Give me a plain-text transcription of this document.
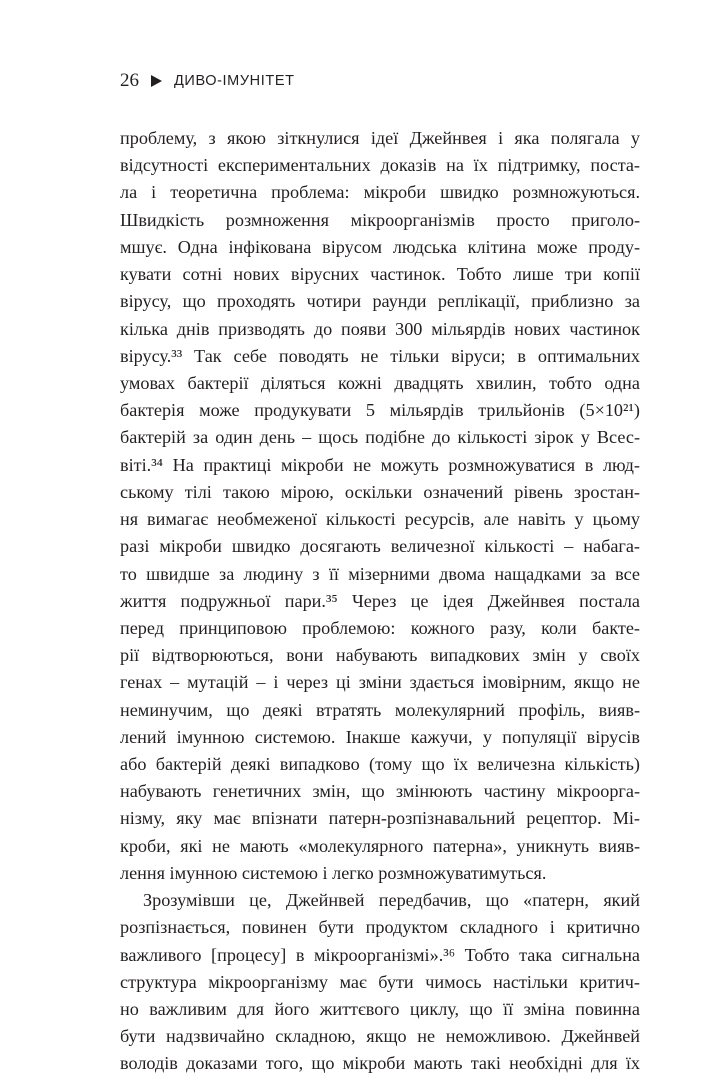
26 ДИВО-ІМУНІТЕТ
проблему, з якою зіткнулися ідеї Джейнвея і яка полягала у
відсутності експериментальних доказів на їх підтримку, поста-
ла і теоретична проблема: мікроби швидко розмножуються.
Швидкість розмноження мікроорганізмів просто приголо-
мшує. Одна інфікована вірусом людська клітина може проду-
кувати сотні нових вірусних частинок. Тобто лише три копії
вірусу, що проходять чотири раунди реплікації, приблизно за
кілька днів призводять до появи 300 мільярдів нових частинок
вірусу.³³ Так себе поводять не тільки віруси; в оптимальних
умовах бактерії діляться кожні двадцять хвилин, тобто одна
бактерія може продукувати 5 мільярдів трильйонів (5×10²¹)
бактерій за один день – щось подібне до кількості зірок у Всес-
віті.³⁴ На практиці мікроби не можуть розмножуватися в люд-
ському тілі такою мірою, оскільки означений рівень зростан-
ня вимагає необмеженої кількості ресурсів, але навіть у цьому
разі мікроби швидко досягають величезної кількості – набага-
то швидше за людину з її мізерними двома нащадками за все
життя подружньої пари.³⁵ Через це ідея Джейнвея постала
перед принциповою проблемою: кожного разу, коли бакте-
рії відтворюються, вони набувають випадкових змін у своїх
генах – мутацій – і через ці зміни здається імовірним, якщо не
неминучим, що деякі втратять молекулярний профіль, вияв-
лений імунною системою. Інакше кажучи, у популяції вірусів
або бактерій деякі випадково (тому що їх величезна кількість)
набувають генетичних змін, що змінюють частину мікроорга-
нізму, яку має впізнати патерн-розпізнавальний рецептор. Мі-
кроби, які не мають «молекулярного патерна», уникнуть вияв-
лення імунною системою і легко розмножуватимуться.
Зрозумівши це, Джейнвей передбачив, що «патерн, який
розпізнається, повинен бути продуктом складного і критично
важливого [процесу] в мікроорганізмі».³⁶ Тобто така сигнальна
структура мікроорганізму має бути чимось настільки критич-
но важливим для його життєвого циклу, що її зміна повинна
бути надзвичайно складною, якщо не неможливою. Джейнвей
володів доказами того, що мікроби мають такі необхідні для їх
